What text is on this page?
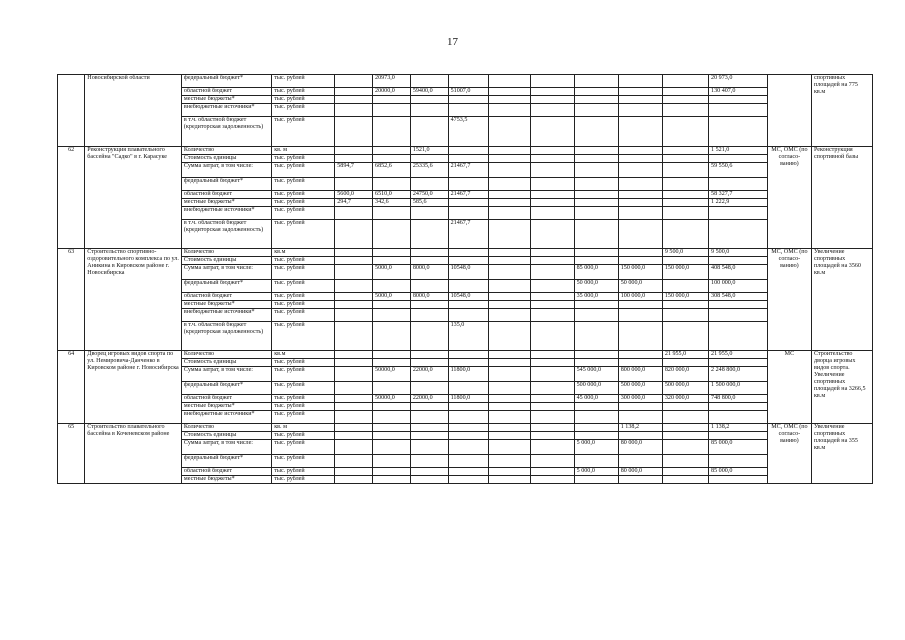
17
	Новосибирской области	федеральный бюджет*	тыс. рублей		20973,0								20 973,0		спортивных площадей на 775 кв.м
		областной бюджет	тыс. рублей		20000,0	59400,0	51007,0						130 407,0		
		местные бюджеты*	тыс. рублей												
		внебюджетные источники*	тыс. рублей												
		в т.ч. областной бюджет (кредиторская задолженность)	тыс. рублей				4753,5								
62	Реконструкция плавательного бассейна "Садко" в г. Карасуке	Количество	кв. м			1521,0							1 521,0	МС, ОМС (по согласо- ванию)	Реконструкция спортивной базы
		Стоимость единицы	тыс. рублей												
		Сумма затрат, в том числе:	тыс. рублей	5894,7	6852,6	25335,6	21467,7						59 550,6		
		федеральный бюджет*	тыс. рублей												
		областной бюджет	тыс. рублей	5600,0	6510,0	24750,0	21467,7						58 327,7		
		местные бюджеты*	тыс. рублей	294,7	342,6	585,6							1 222,9		
		внебюджетные источники*	тыс. рублей												
		в т.ч. областной бюджет (кредиторская задолженность)	тыс. рублей				21467,7								
63	Строительство спортивно-оздоровительного комплекса по ул. Аникина в Кировском районе г. Новосибирска	Количество	кв.м									9 500,0	9 500,0	МС, ОМС (по согласо- ванию)	Увеличение спортивных площадей на 3560 кв.м
		Стоимость единицы	тыс. рублей												
		Сумма затрат, в том числе:	тыс. рублей		5000,0	8000,0	10548,0			85 000,0	150 000,0	150 000,0	408 548,0		
		федеральный бюджет*	тыс. рублей							50 000,0	50 000,0		100 000,0		
		областной бюджет	тыс. рублей		5000,0	8000,0	10548,0			35 000,0	100 000,0	150 000,0	308 548,0		
		местные бюджеты*	тыс. рублей												
		внебюджетные источники*	тыс. рублей												
		в т.ч. областной бюджет (кредиторская задолженность)	тыс. рублей				135,0								
64	Дворец игровых видов спорта по ул. Немировича-Данченко в Кировском районе г. Новосибирска	Количество	кв.м									21 955,0	21 955,0	МС	Строительство дворца игровых видов спорта. Увеличение спортивных площадей на 3266,5 кв.м
		Стоимость единицы	тыс. рублей												
		Сумма затрат, в том числе:	тыс. рублей		50000,0	22000,0	11800,0			545 000,0	800 000,0	820 000,0	2 248 800,0		
		федеральный бюджет*	тыс. рублей							500 000,0	500 000,0	500 000,0	1 500 000,0		
		областной бюджет	тыс. рублей		50000,0	22000,0	11800,0			45 000,0	300 000,0	320 000,0	748 800,0		
		местные бюджеты*	тыс. рублей												
		внебюджетные источники*	тыс. рублей												
65	Строительство плавательного бассейна в Коченевском районе	Количество	кв. м								1 138,2		1 138,2	МС, ОМС (по согласо- ванию)	Увеличение спортивных площадей на 355 кв.м
		Стоимость единицы	тыс. рублей												
		Сумма затрат, в том числе:	тыс. рублей							5 000,0	80 000,0		85 000,0		
		федеральный бюджет*	тыс. рублей												
		областной бюджет	тыс. рублей							5 000,0	80 000,0		85 000,0		
		местные бюджеты*	тыс. рублей												
